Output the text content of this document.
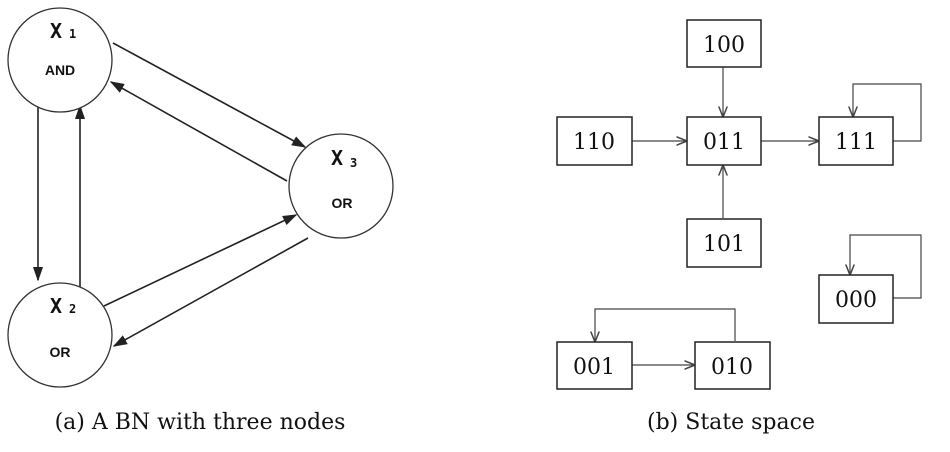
X 1
AND
X 2
OR
X 3
OR
(a) A BN with three nodes
100
110	011	111
101
000
001	010
(b) State space
